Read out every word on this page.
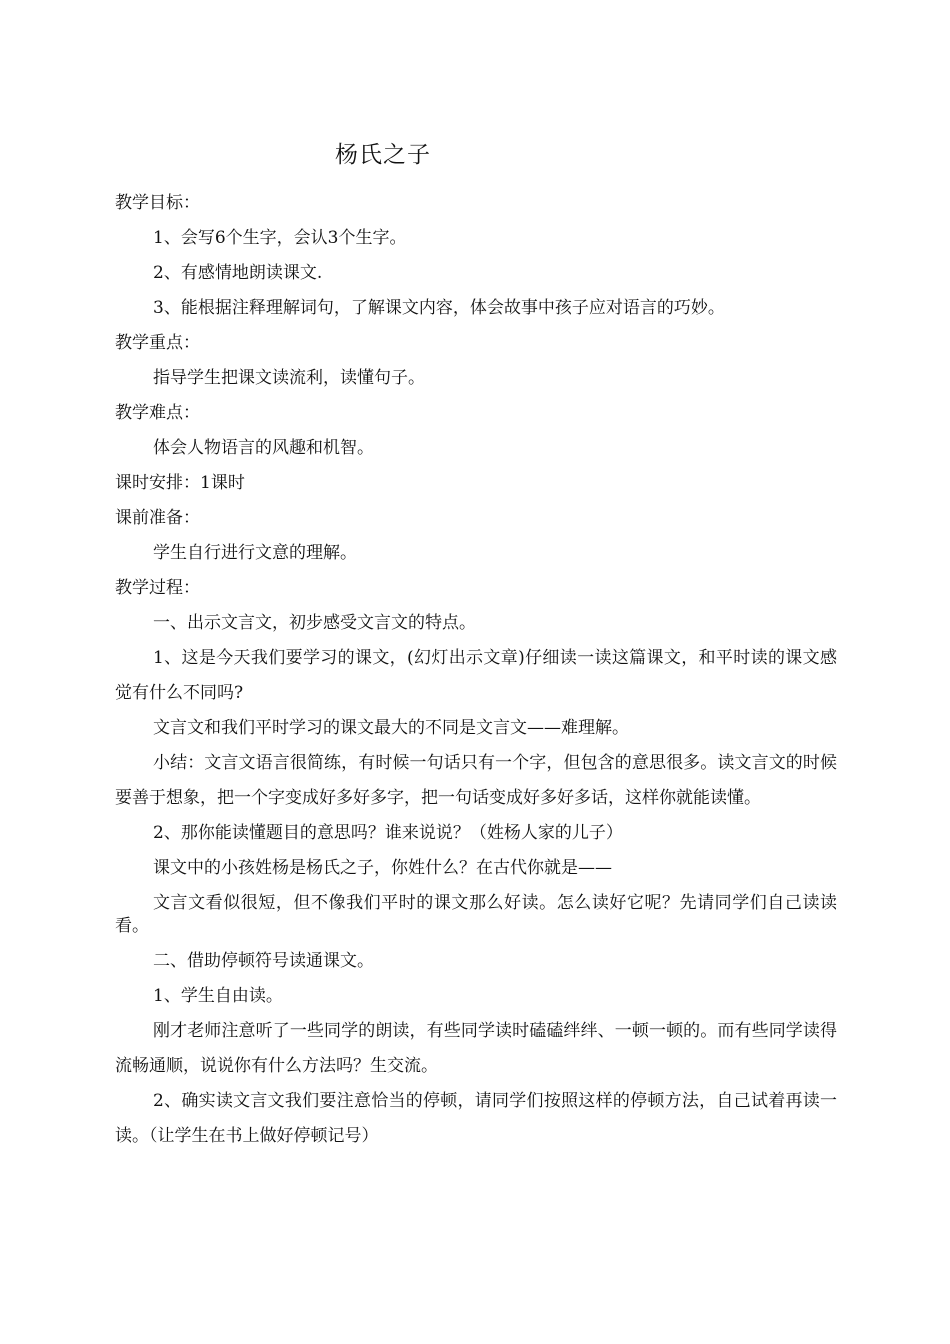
杨氏之子

教学目标：

1、会写6个生字，会认3个生字。

2、有感情地朗读课文.

3、能根据注释理解词句，了解课文内容，体会故事中孩子应对语言的巧妙。

教学重点：

指导学生把课文读流利，读懂句子。

教学难点：

体会人物语言的风趣和机智。

课时安排：1课时

课前准备：

学生自行进行文意的理解。

教学过程：

一、出示文言文，初步感受文言文的特点。

1、这是今天我们要学习的课文，(幻灯出示文章)仔细读一读这篇课文，和平时读的课文感觉有什么不同吗?

文言文和我们平时学习的课文最大的不同是文言文——难理解。

小结：文言文语言很简练，有时候一句话只有一个字，但包含的意思很多。读文言文的时候要善于想象，把一个字变成好多好多字，把一句话变成好多好多话，这样你就能读懂。

2、那你能读懂题目的意思吗？谁来说说？（姓杨人家的儿子）

课文中的小孩姓杨是杨氏之子，你姓什么？在古代你就是——

文言文看似很短，但不像我们平时的课文那么好读。怎么读好它呢？先请同学们自己读读看。

二、借助停顿符号读通课文。

1、学生自由读。

刚才老师注意听了一些同学的朗读，有些同学读时磕磕绊绊、一顿一顿的。而有些同学读得流畅通顺，说说你有什么方法吗？生交流。

2、确实读文言文我们要注意恰当的停顿，请同学们按照这样的停顿方法，自己试着再读一读。（让学生在书上做好停顿记号）
